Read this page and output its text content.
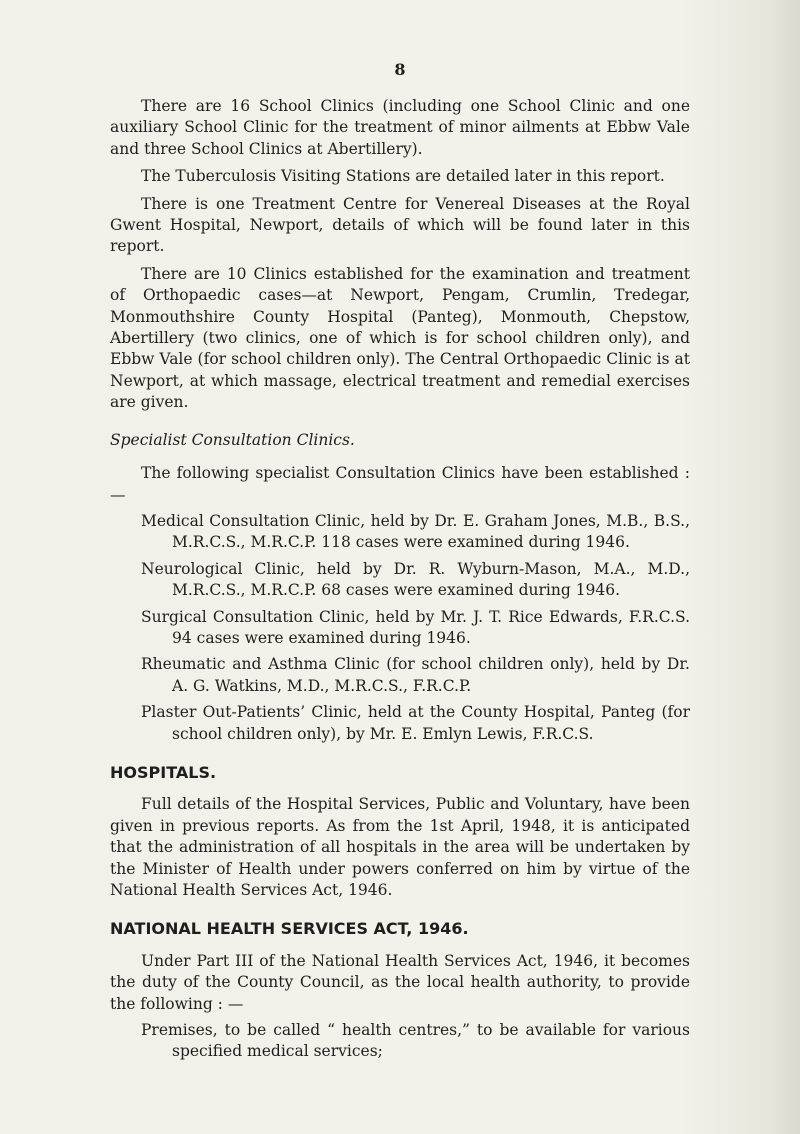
8

There are 16 School Clinics (including one School Clinic and one auxiliary School Clinic for the treatment of minor ailments at Ebbw Vale and three School Clinics at Abertillery).

The Tuberculosis Visiting Stations are detailed later in this report.

There is one Treatment Centre for Venereal Diseases at the Royal Gwent Hospital, Newport, details of which will be found later in this report.

There are 10 Clinics established for the examination and treatment of Orthopaedic cases—at Newport, Pengam, Crumlin, Tredegar, Monmouthshire County Hospital (Panteg), Monmouth, Chepstow, Abertillery (two clinics, one of which is for school children only), and Ebbw Vale (for school children only). The Central Orthopaedic Clinic is at Newport, at which massage, electrical treatment and remedial exercises are given.

Specialist Consultation Clinics.

The following specialist Consultation Clinics have been established : —

Medical Consultation Clinic, held by Dr. E. Graham Jones, M.B., B.S., M.R.C.S., M.R.C.P. 118 cases were examined during 1946.

Neurological Clinic, held by Dr. R. Wyburn-Mason, M.A., M.D., M.R.C.S., M.R.C.P. 68 cases were examined during 1946.

Surgical Consultation Clinic, held by Mr. J. T. Rice Edwards, F.R.C.S. 94 cases were examined during 1946.

Rheumatic and Asthma Clinic (for school children only), held by Dr. A. G. Watkins, M.D., M.R.C.S., F.R.C.P.

Plaster Out-Patients’ Clinic, held at the County Hospital, Panteg (for school children only), by Mr. E. Emlyn Lewis, F.R.C.S.

HOSPITALS.

Full details of the Hospital Services, Public and Voluntary, have been given in previous reports. As from the 1st April, 1948, it is anticipated that the administration of all hospitals in the area will be undertaken by the Minister of Health under powers conferred on him by virtue of the National Health Services Act, 1946.

NATIONAL HEALTH SERVICES ACT, 1946.

Under Part III of the National Health Services Act, 1946, it becomes the duty of the County Council, as the local health authority, to provide the following : —

Premises, to be called “ health centres,” to be available for various specified medical services;
